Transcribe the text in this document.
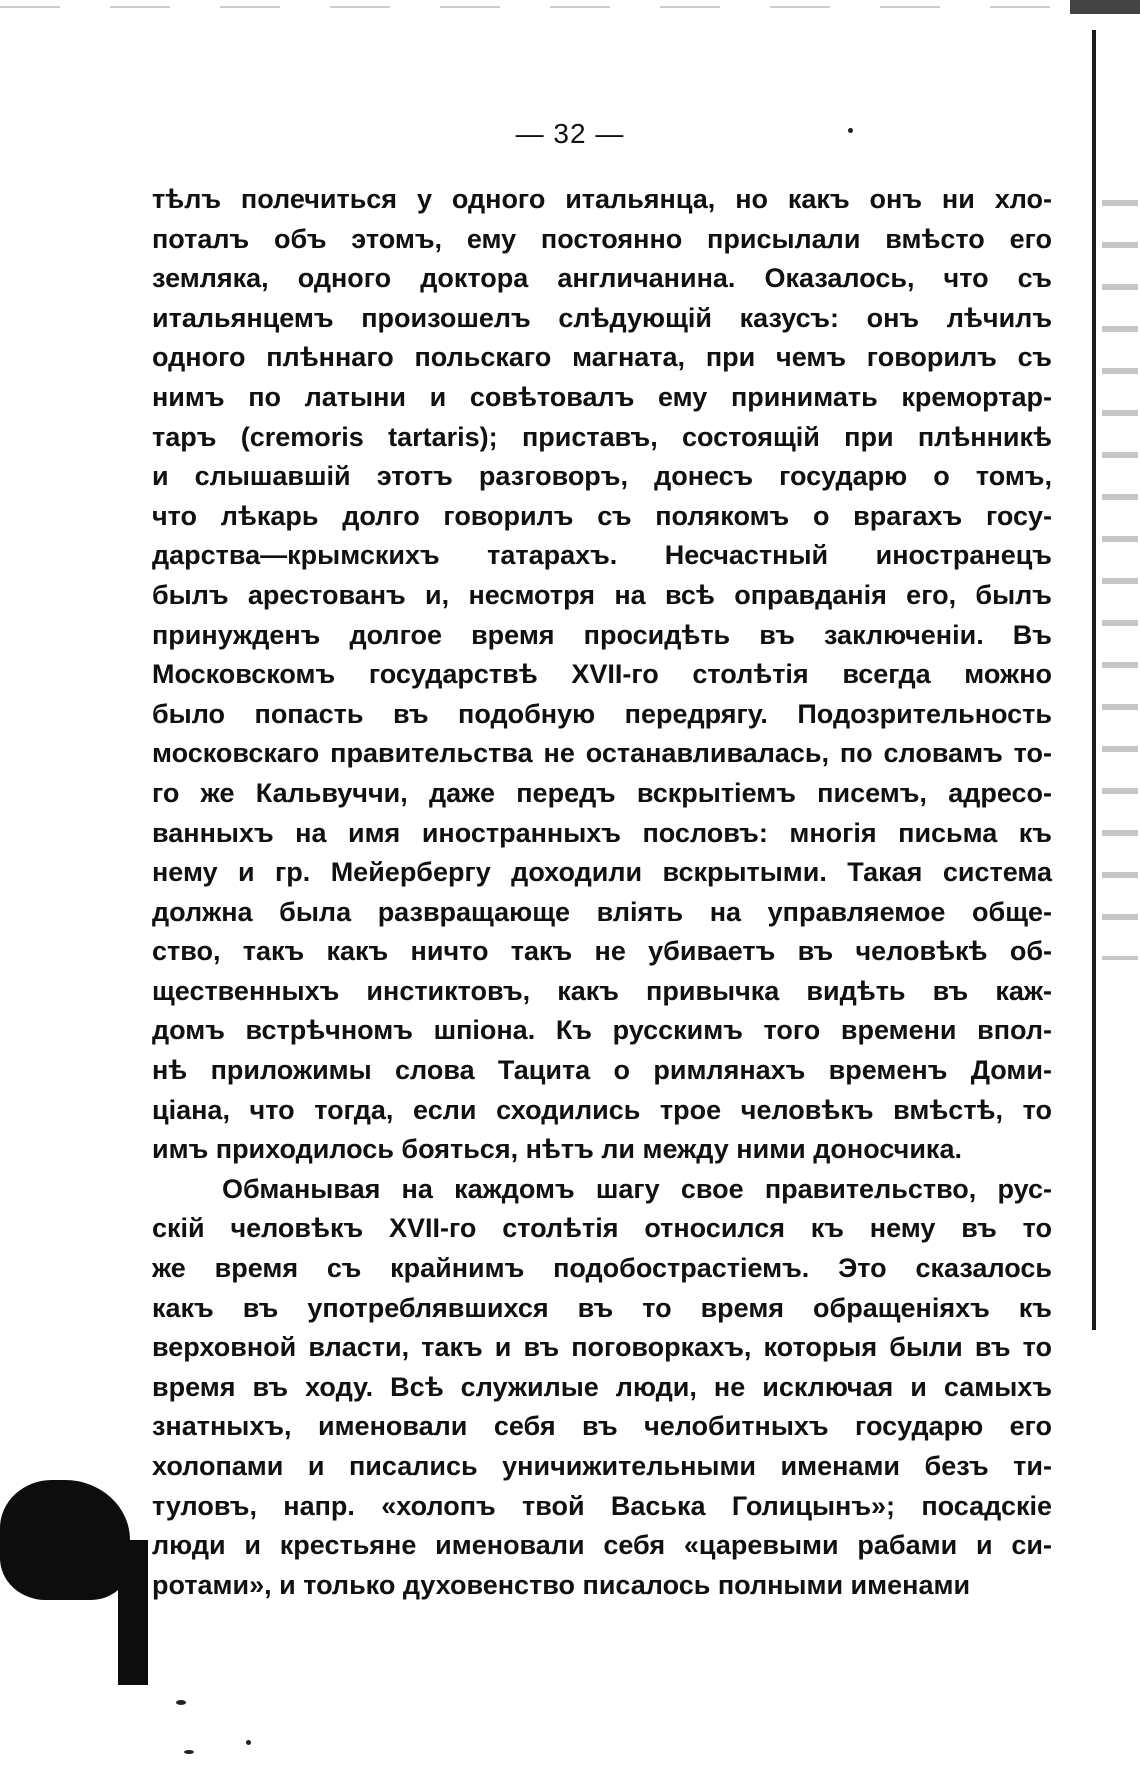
— 32 —
тѣлъ полечиться у одного итальянца, но какъ онъ ни хло-
поталъ объ этомъ, ему постоянно присылали вмѣсто его
земляка, одного доктора англичанина. Оказалось, что съ
итальянцемъ произошелъ слѣдующій казусъ: онъ лѣчилъ
одного плѣннаго польскаго магната, при чемъ говорилъ съ
нимъ по латыни и совѣтовалъ ему принимать кремортар-
таръ (cremoris tartaris); приставъ, состоящій при плѣнникѣ
и слышавшій этотъ разговоръ, донесъ государю о томъ,
что лѣкарь долго говорилъ съ полякомъ о врагахъ госу-
дарства—крымскихъ татарахъ. Несчастный иностранецъ
былъ арестованъ и, несмотря на всѣ оправданія его, былъ
принужденъ долгое время просидѣть въ заключеніи. Въ
Московскомъ государствѣ XVII-го столѣтія всегда можно
было попасть въ подобную передрягу. Подозрительность
московскаго правительства не останавливалась, по словамъ то-
го же Кальвуччи, даже передъ вскрытіемъ писемъ, адресо-
ванныхъ на имя иностранныхъ пословъ: многія письма къ
нему и гр. Мейербергу доходили вскрытыми. Такая система
должна была развращающе вліять на управляемое обще-
ство, такъ какъ ничто такъ не убиваетъ въ человѣкѣ об-
щественныхъ инстиктовъ, какъ привычка видѣть въ каж-
домъ встрѣчномъ шпіона. Къ русскимъ того времени впол-
нѣ приложимы слова Тацита о римлянахъ временъ Доми-
ціана, что тогда, если сходились трое человѣкъ вмѣстѣ, то
имъ приходилось бояться, нѣтъ ли между ними доносчика.
Обманывая на каждомъ шагу свое правительство, рус-
скій человѣкъ XVII-го столѣтія относился къ нему въ то
же время съ крайнимъ подобострастіемъ. Это сказалось
какъ въ употреблявшихся въ то время обращеніяхъ къ
верховной власти, такъ и въ поговоркахъ, которыя были въ то
время въ ходу. Всѣ служилые люди, не исключая и самыхъ
знатныхъ, именовали себя въ челобитныхъ государю его
холопами и писались уничижительными именами безъ ти-
туловъ, напр. «холопъ твой Васька Голицынъ»; посадскіе
люди и крестьяне именовали себя «царевыми рабами и си-
ротами», и только духовенство писалось полными именами
